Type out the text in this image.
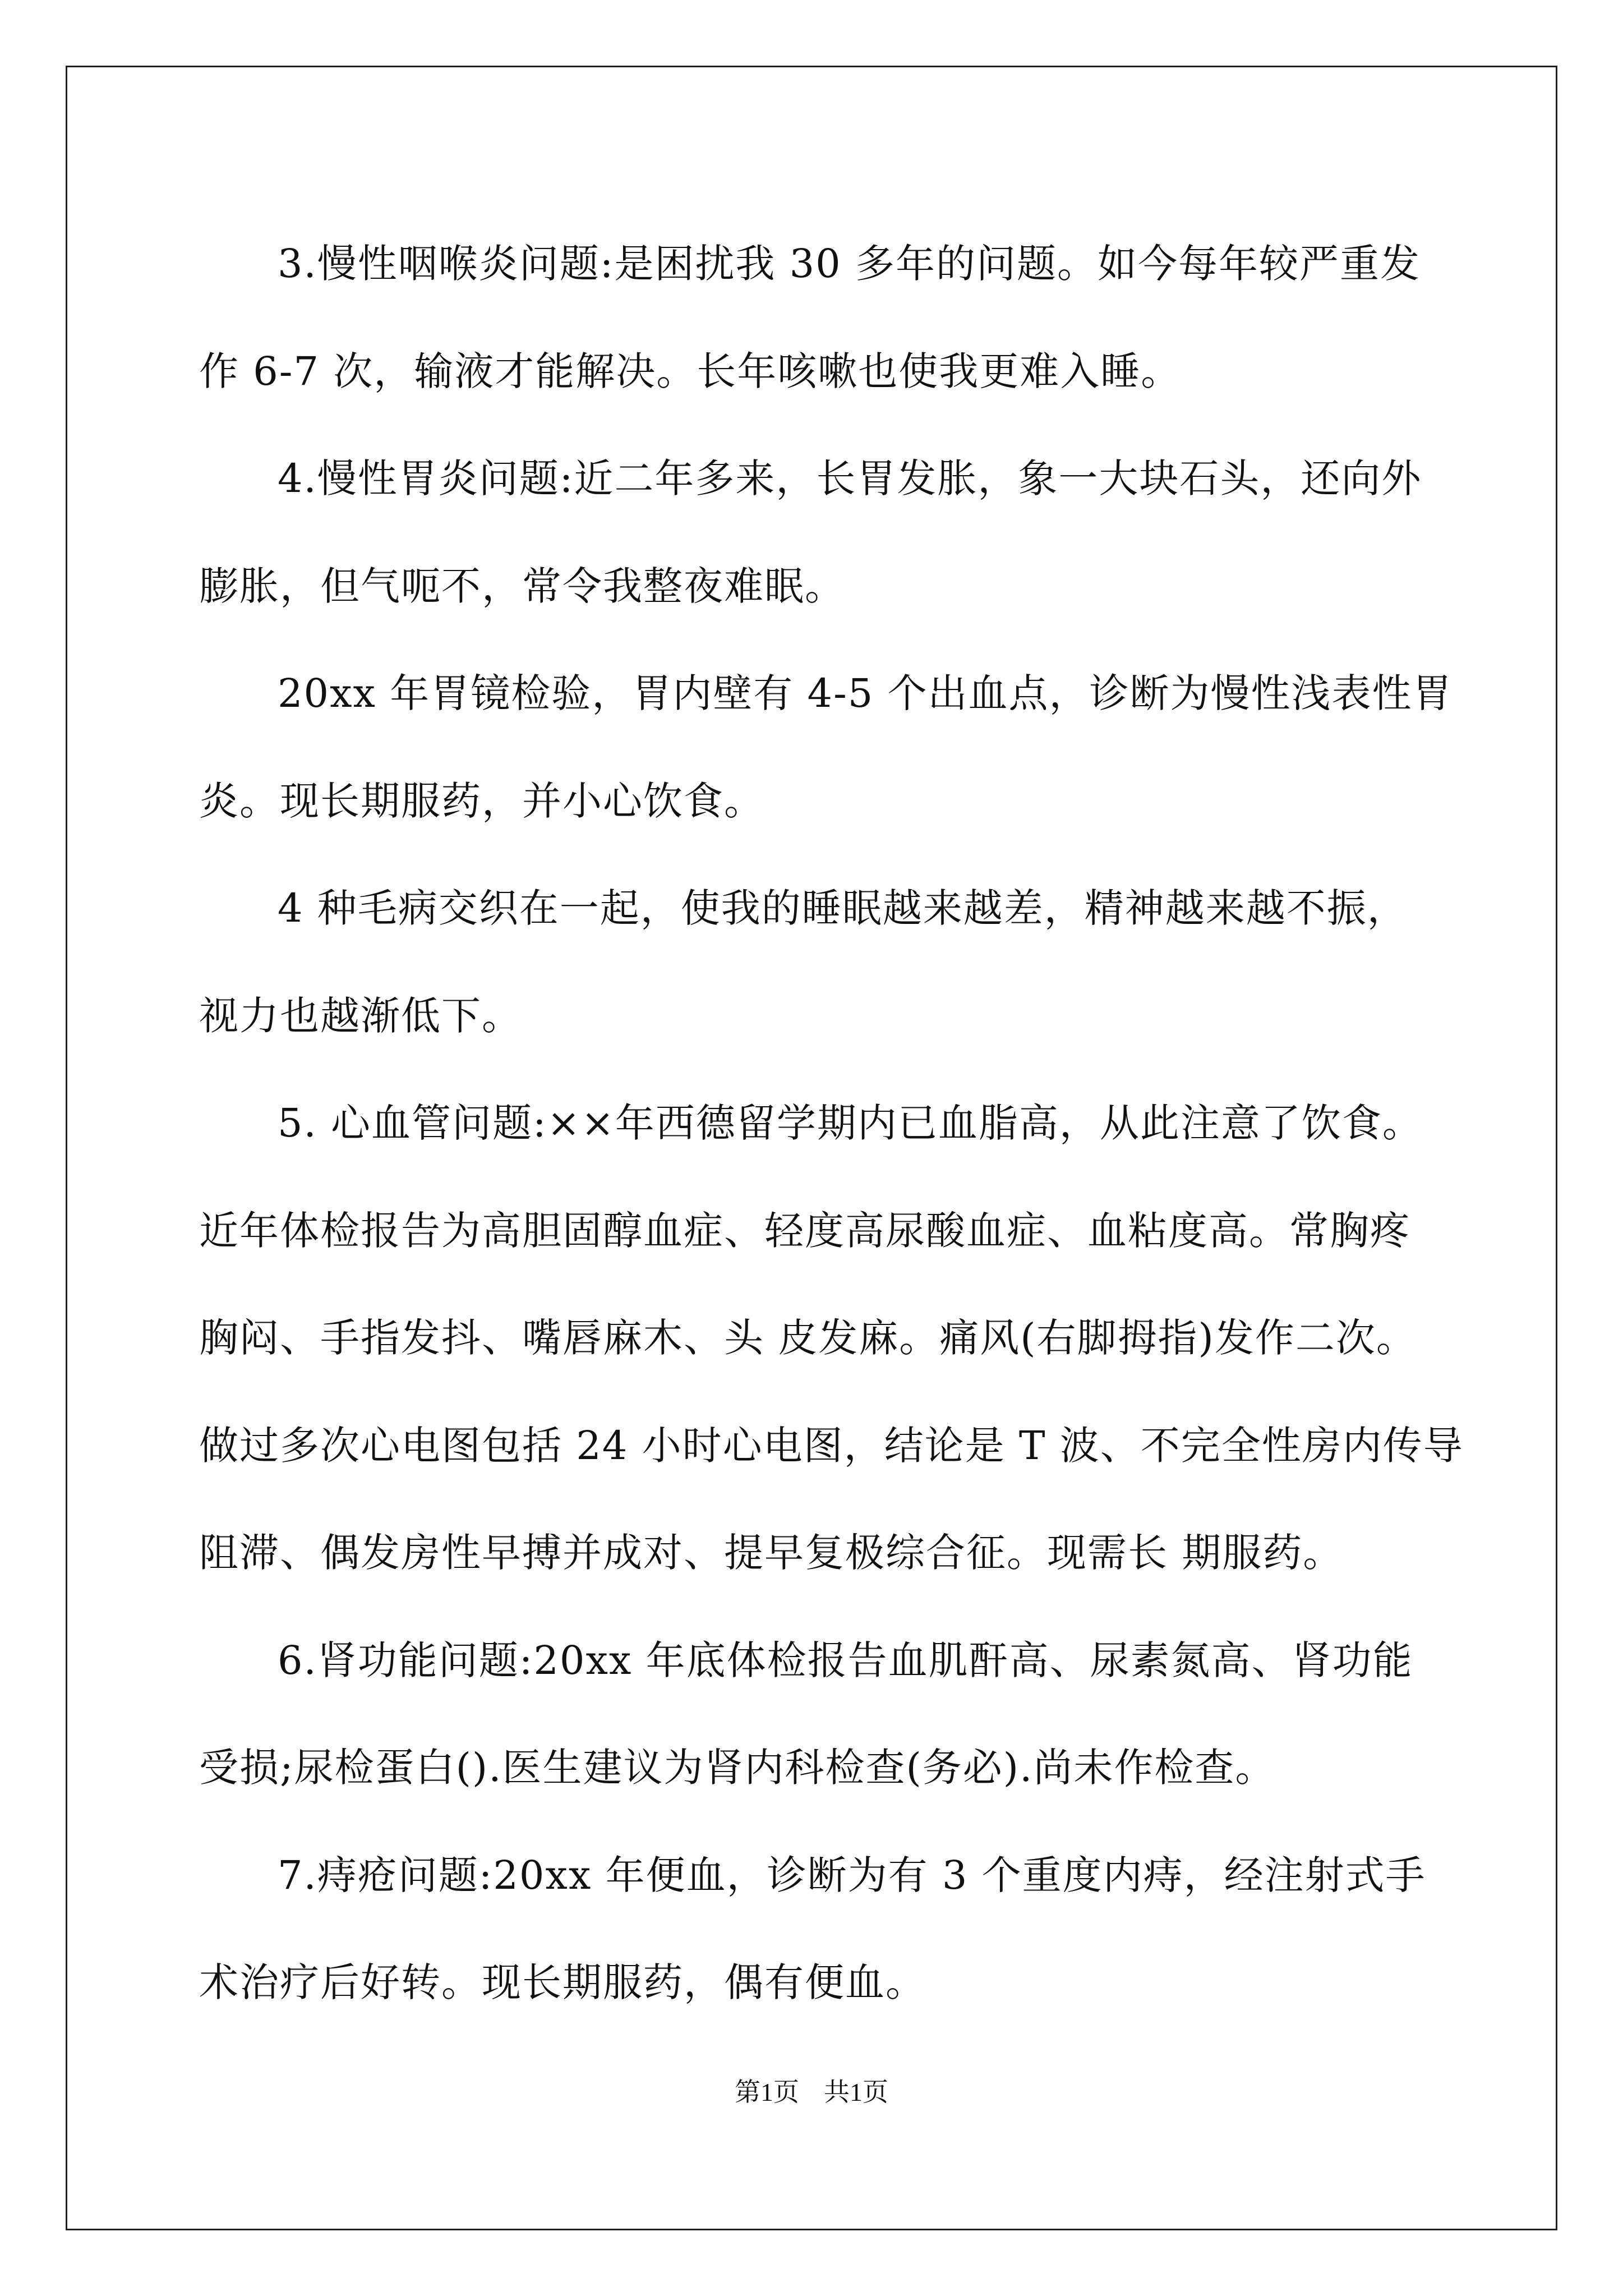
3.慢性咽喉炎问题:是困扰我 30 多年的问题。如今每年较严重发
作 6-7 次，输液才能解决。长年咳嗽也使我更难入睡。
4.慢性胃炎问题:近二年多来，长胃发胀，象一大块石头，还向外
膨胀，但气呃不，常令我整夜难眠。
20xx 年胃镜检验，胃内壁有 4-5 个出血点，诊断为慢性浅表性胃
炎。现长期服药，并小心饮食。
4 种毛病交织在一起，使我的睡眠越来越差，精神越来越不振，
视力也越渐低下。
5. 心血管问题:××年西德留学期内已血脂高，从此注意了饮食。
近年体检报告为高胆固醇血症、轻度高尿酸血症、血粘度高。常胸疼
胸闷、手指发抖、嘴唇麻木、头 皮发麻。痛风(右脚拇指)发作二次。
做过多次心电图包括 24 小时心电图，结论是 T 波、不完全性房内传导
阻滞、偶发房性早搏并成对、提早复极综合征。现需长 期服药。
6.肾功能问题:20xx 年底体检报告血肌酐高、尿素氮高、肾功能
受损;尿检蛋白().医生建议为肾内科检查(务必).尚未作检查。
7.痔疮问题:20xx 年便血，诊断为有 3 个重度内痔，经注射式手
术治疗后好转。现长期服药，偶有便血。
第1页 共1页
